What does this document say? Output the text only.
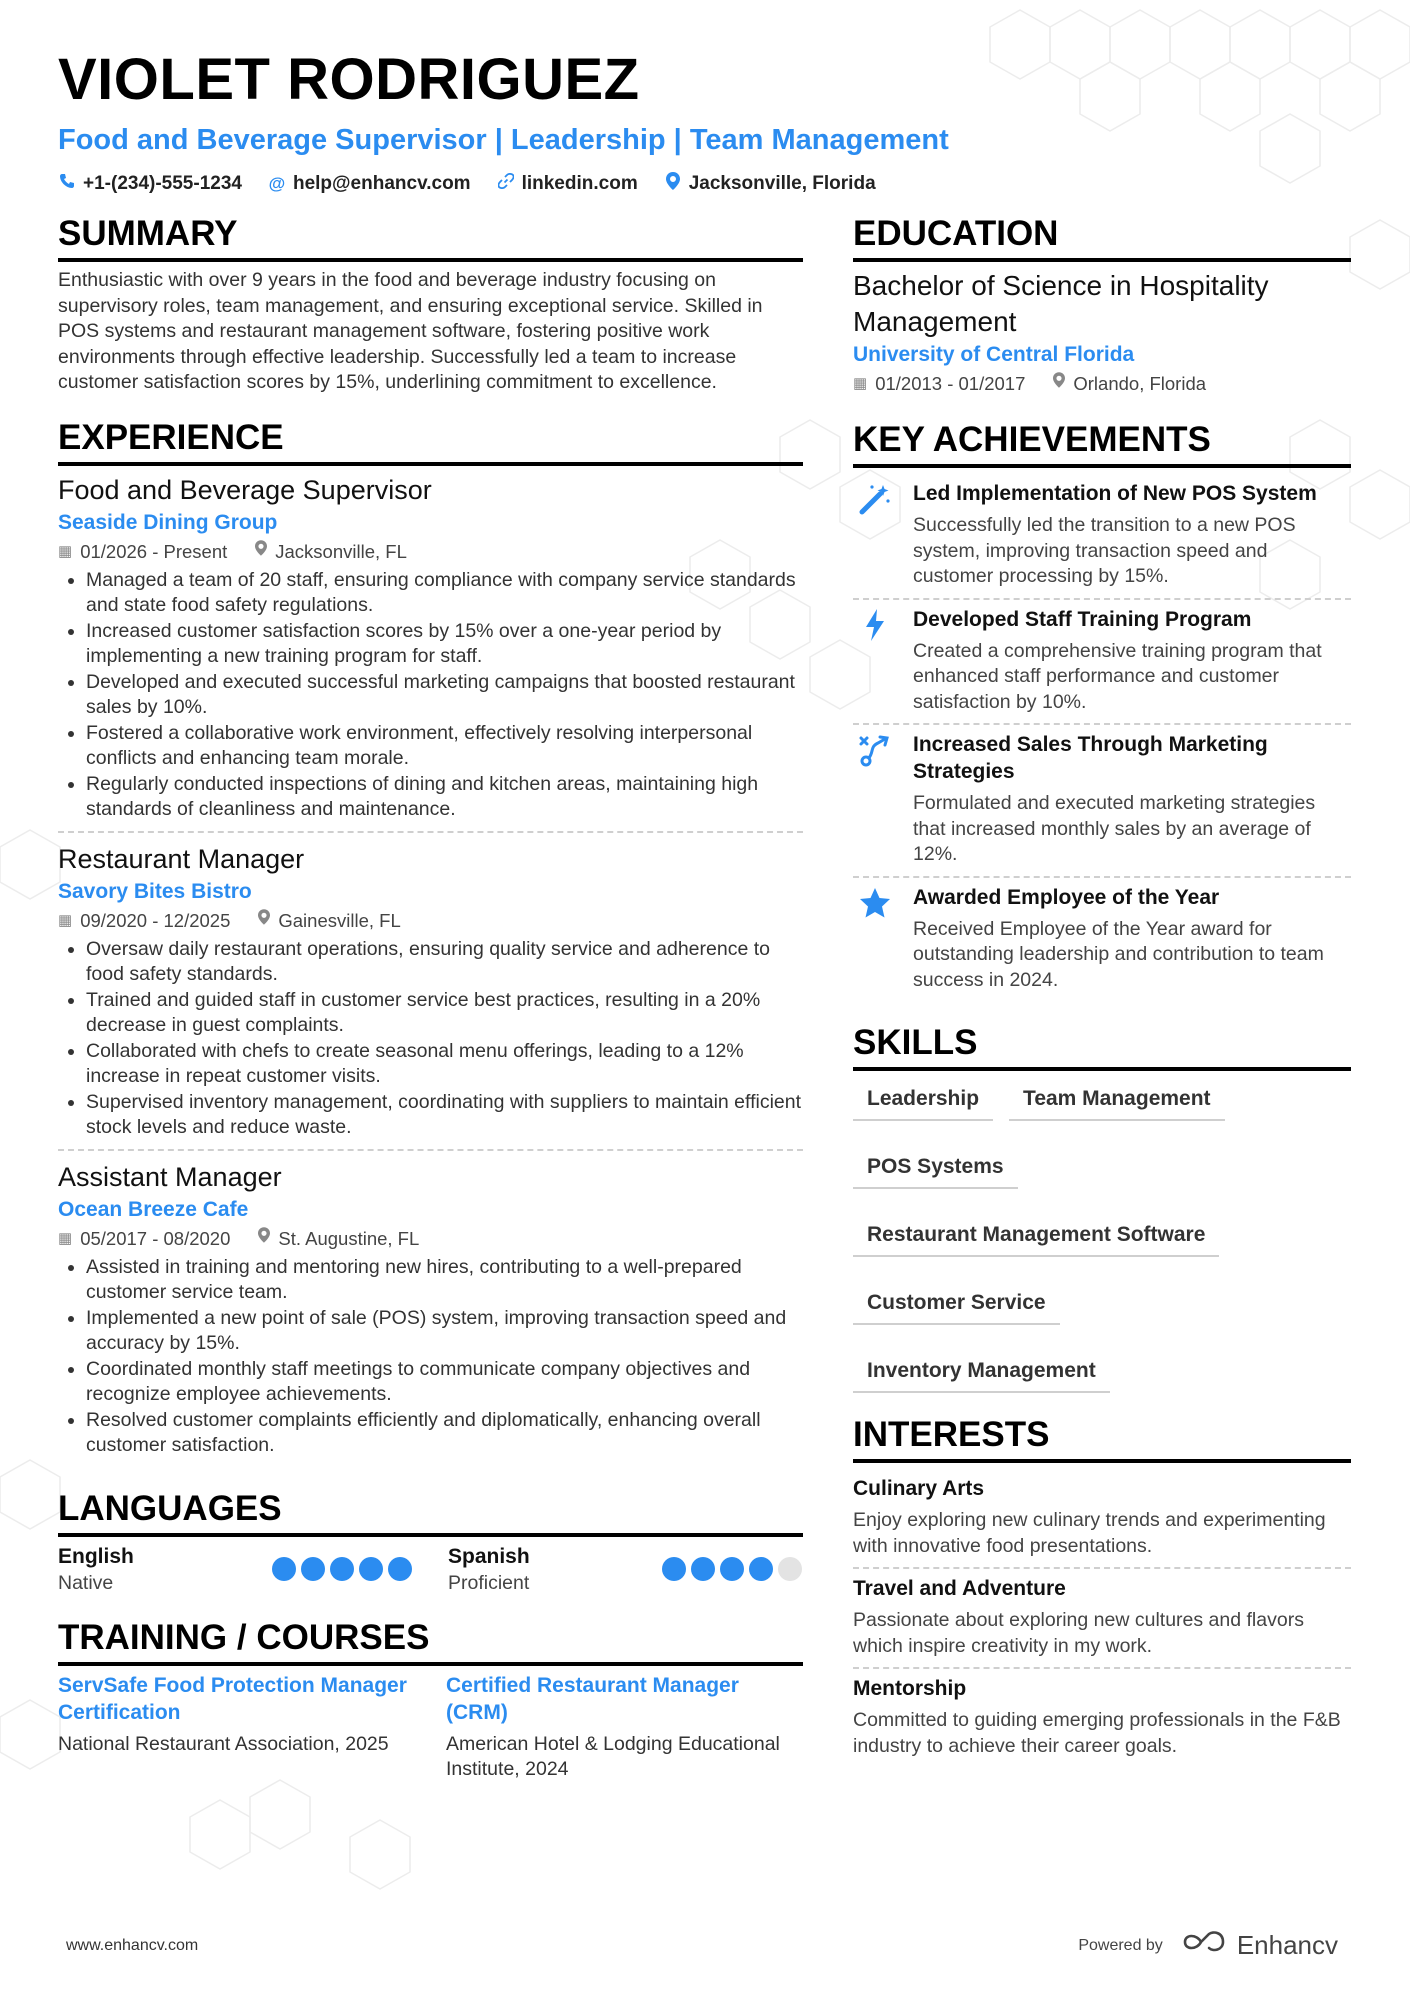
VIOLET RODRIGUEZ
Food and Beverage Supervisor | Leadership | Team Management
+1-(234)-555-1234 @ help@enhancv.com	linkedin.com	Jacksonville, Florida
SUMMARY
Enthusiastic with over 9 years in the food and beverage industry focusing on supervisory roles, team management, and ensuring exceptional service. Skilled in POS systems and restaurant management software, fostering positive work environments through effective leadership. Successfully led a team to increase customer satisfaction scores by 15%, underlining commitment to excellence.
EXPERIENCE
Food and Beverage Supervisor
Seaside Dining Group
▦ 01/2026 - Present	Jacksonville, FL
• Managed a team of 20 staff, ensuring compliance with company service standards and state food safety regulations.
• Increased customer satisfaction scores by 15% over a one-year period by implementing a new training program for staff.
• Developed and executed successful marketing campaigns that boosted restaurant sales by 10%.
• Fostered a collaborative work environment, effectively resolving interpersonal conflicts and enhancing team morale.
• Regularly conducted inspections of dining and kitchen areas, maintaining high standards of cleanliness and maintenance.
Restaurant Manager
Savory Bites Bistro
▦ 09/2020 - 12/2025	Gainesville, FL
• Oversaw daily restaurant operations, ensuring quality service and adherence to food safety standards.
• Trained and guided staff in customer service best practices, resulting in a 20% decrease in guest complaints.
• Collaborated with chefs to create seasonal menu offerings, leading to a 12% increase in repeat customer visits.
• Supervised inventory management, coordinating with suppliers to maintain efficient stock levels and reduce waste.
Assistant Manager
Ocean Breeze Cafe
▦ 05/2017 - 08/2020	St. Augustine, FL
• Assisted in training and mentoring new hires, contributing to a well-prepared customer service team.
• Implemented a new point of sale (POS) system, improving transaction speed and accuracy by 15%.
• Coordinated monthly staff meetings to communicate company objectives and recognize employee achievements.
• Resolved customer complaints efficiently and diplomatically, enhancing overall customer satisfaction.
LANGUAGES
English
Native
Spanish
Proficient
TRAINING / COURSES
ServSafe Food Protection Manager Certification
National Restaurant Association, 2025
Certified Restaurant Manager (CRM)
American Hotel & Lodging Educational Institute, 2024
EDUCATION
Bachelor of Science in Hospitality Management
University of Central Florida
▦ 01/2013 - 01/2017	Orlando, Florida
KEY ACHIEVEMENTS
Led Implementation of New POS System
Successfully led the transition to a new POS system, improving transaction speed and customer processing by 15%.
Developed Staff Training Program
Created a comprehensive training program that enhanced staff performance and customer satisfaction by 10%.
Increased Sales Through Marketing Strategies
Formulated and executed marketing strategies that increased monthly sales by an average of 12%.
Awarded Employee of the Year
Received Employee of the Year award for outstanding leadership and contribution to team success in 2024.
SKILLS
Leadership	Team Management
POS Systems
Restaurant Management Software
Customer Service
Inventory Management
INTERESTS
Culinary Arts
Enjoy exploring new culinary trends and experimenting with innovative food presentations.
Travel and Adventure
Passionate about exploring new cultures and flavors which inspire creativity in my work.
Mentorship
Committed to guiding emerging professionals in the F&B industry to achieve their career goals.
www.enhancv.com	Powered by	Enhancv
